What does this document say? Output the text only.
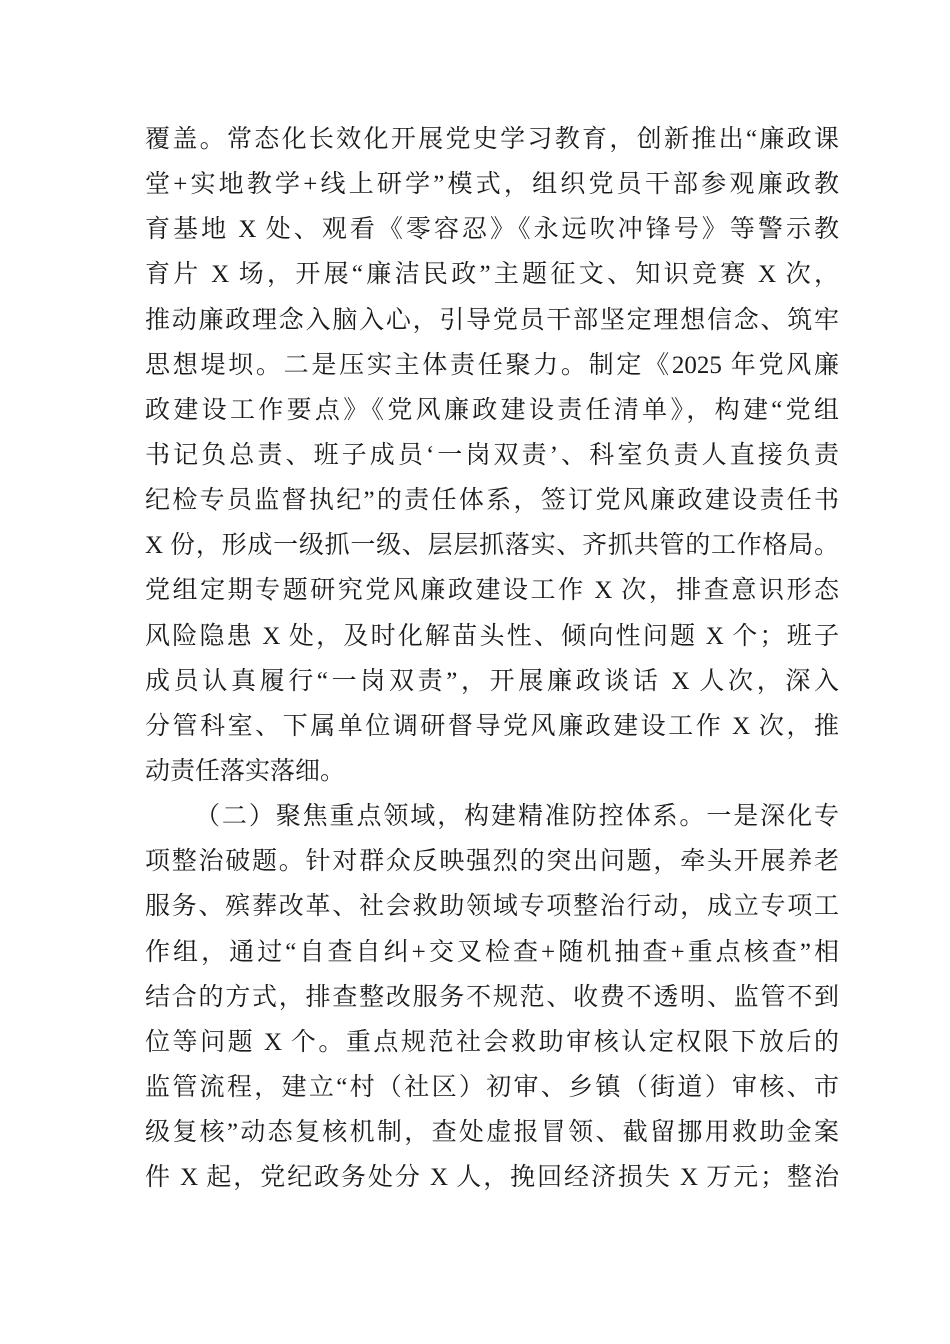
覆盖。常态化长效化开展党史学习教育，创新推出“廉政课
堂+实地教学+线上研学”模式，组织党员干部参观廉政教
育基地 X 处、观看《零容忍》《永远吹冲锋号》等警示教
育片 X 场，开展“廉洁民政”主题征文、知识竞赛 X 次，
推动廉政理念入脑入心，引导党员干部坚定理想信念、筑牢
思想堤坝。二是压实主体责任聚力。制定《2025 年党风廉
政建设工作要点》《党风廉政建设责任清单》，构建“党组
书记负总责、班子成员‘一岗双责’、科室负责人直接负责
纪检专员监督执纪”的责任体系，签订党风廉政建设责任书
X 份，形成一级抓一级、层层抓落实、齐抓共管的工作格局。
党组定期专题研究党风廉政建设工作 X 次，排查意识形态
风险隐患 X 处，及时化解苗头性、倾向性问题 X 个；班子
成员认真履行“一岗双责”，开展廉政谈话 X 人次，深入
分管科室、下属单位调研督导党风廉政建设工作 X 次，推
动责任落实落细。
（二）聚焦重点领域，构建精准防控体系。一是深化专
项整治破题。针对群众反映强烈的突出问题，牵头开展养老
服务、殡葬改革、社会救助领域专项整治行动，成立专项工
作组，通过“自查自纠+交叉检查+随机抽查+重点核查”相
结合的方式，排查整改服务不规范、收费不透明、监管不到
位等问题 X 个。重点规范社会救助审核认定权限下放后的
监管流程，建立“村（社区）初审、乡镇（街道）审核、市
级复核”动态复核机制，查处虚报冒领、截留挪用救助金案
件 X 起，党纪政务处分 X 人，挽回经济损失 X 万元；整治
